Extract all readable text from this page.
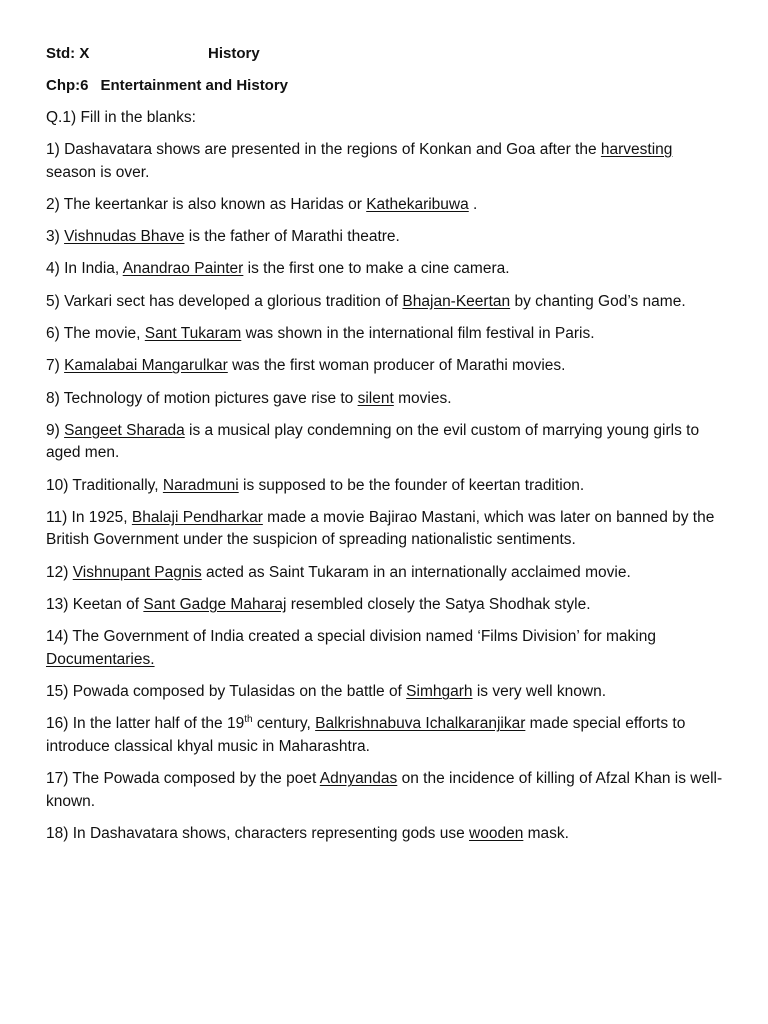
Std: X	History
Chp:6 Entertainment and History
Q.1) Fill in the blanks:
1) Dashavatara shows are presented in the regions of Konkan and Goa after the harvesting season is over.
2) The keertankar is also known as Haridas or Kathekaribuwa .
3) Vishnudas Bhave is the father of Marathi theatre.
4) In India, Anandrao Painter is the first one to make a cine camera.
5) Varkari sect has developed a glorious tradition of Bhajan-Keertan by chanting God’s name.
6) The movie, Sant Tukaram was shown in the international film festival in Paris.
7) Kamalabai Mangarulkar was the first woman producer of Marathi movies.
8) Technology of motion pictures gave rise to silent movies.
9) Sangeet Sharada is a musical play condemning on the evil custom of marrying young girls to aged men.
10) Traditionally, Naradmuni is supposed to be the founder of keertan tradition.
11) In 1925, Bhalaji Pendharkar made a movie Bajirao Mastani, which was later on banned by the British Government under the suspicion of spreading nationalistic sentiments.
12) Vishnupant Pagnis acted as Saint Tukaram in an internationally acclaimed movie.
13) Keetan of Sant Gadge Maharaj resembled closely the Satya Shodhak style.
14) The Government of India created a special division named ‘Films Division’ for making Documentaries.
15) Powada composed by Tulasidas on the battle of Simhgarh is very well known.
16) In the latter half of the 19th century, Balkrishnabuva Ichalkaranjikar made special efforts to introduce classical khyal music in Maharashtra.
17) The Powada composed by the poet Adnyandas on the incidence of killing of Afzal Khan is well-known.
18) In Dashavatara shows, characters representing gods use wooden mask.
